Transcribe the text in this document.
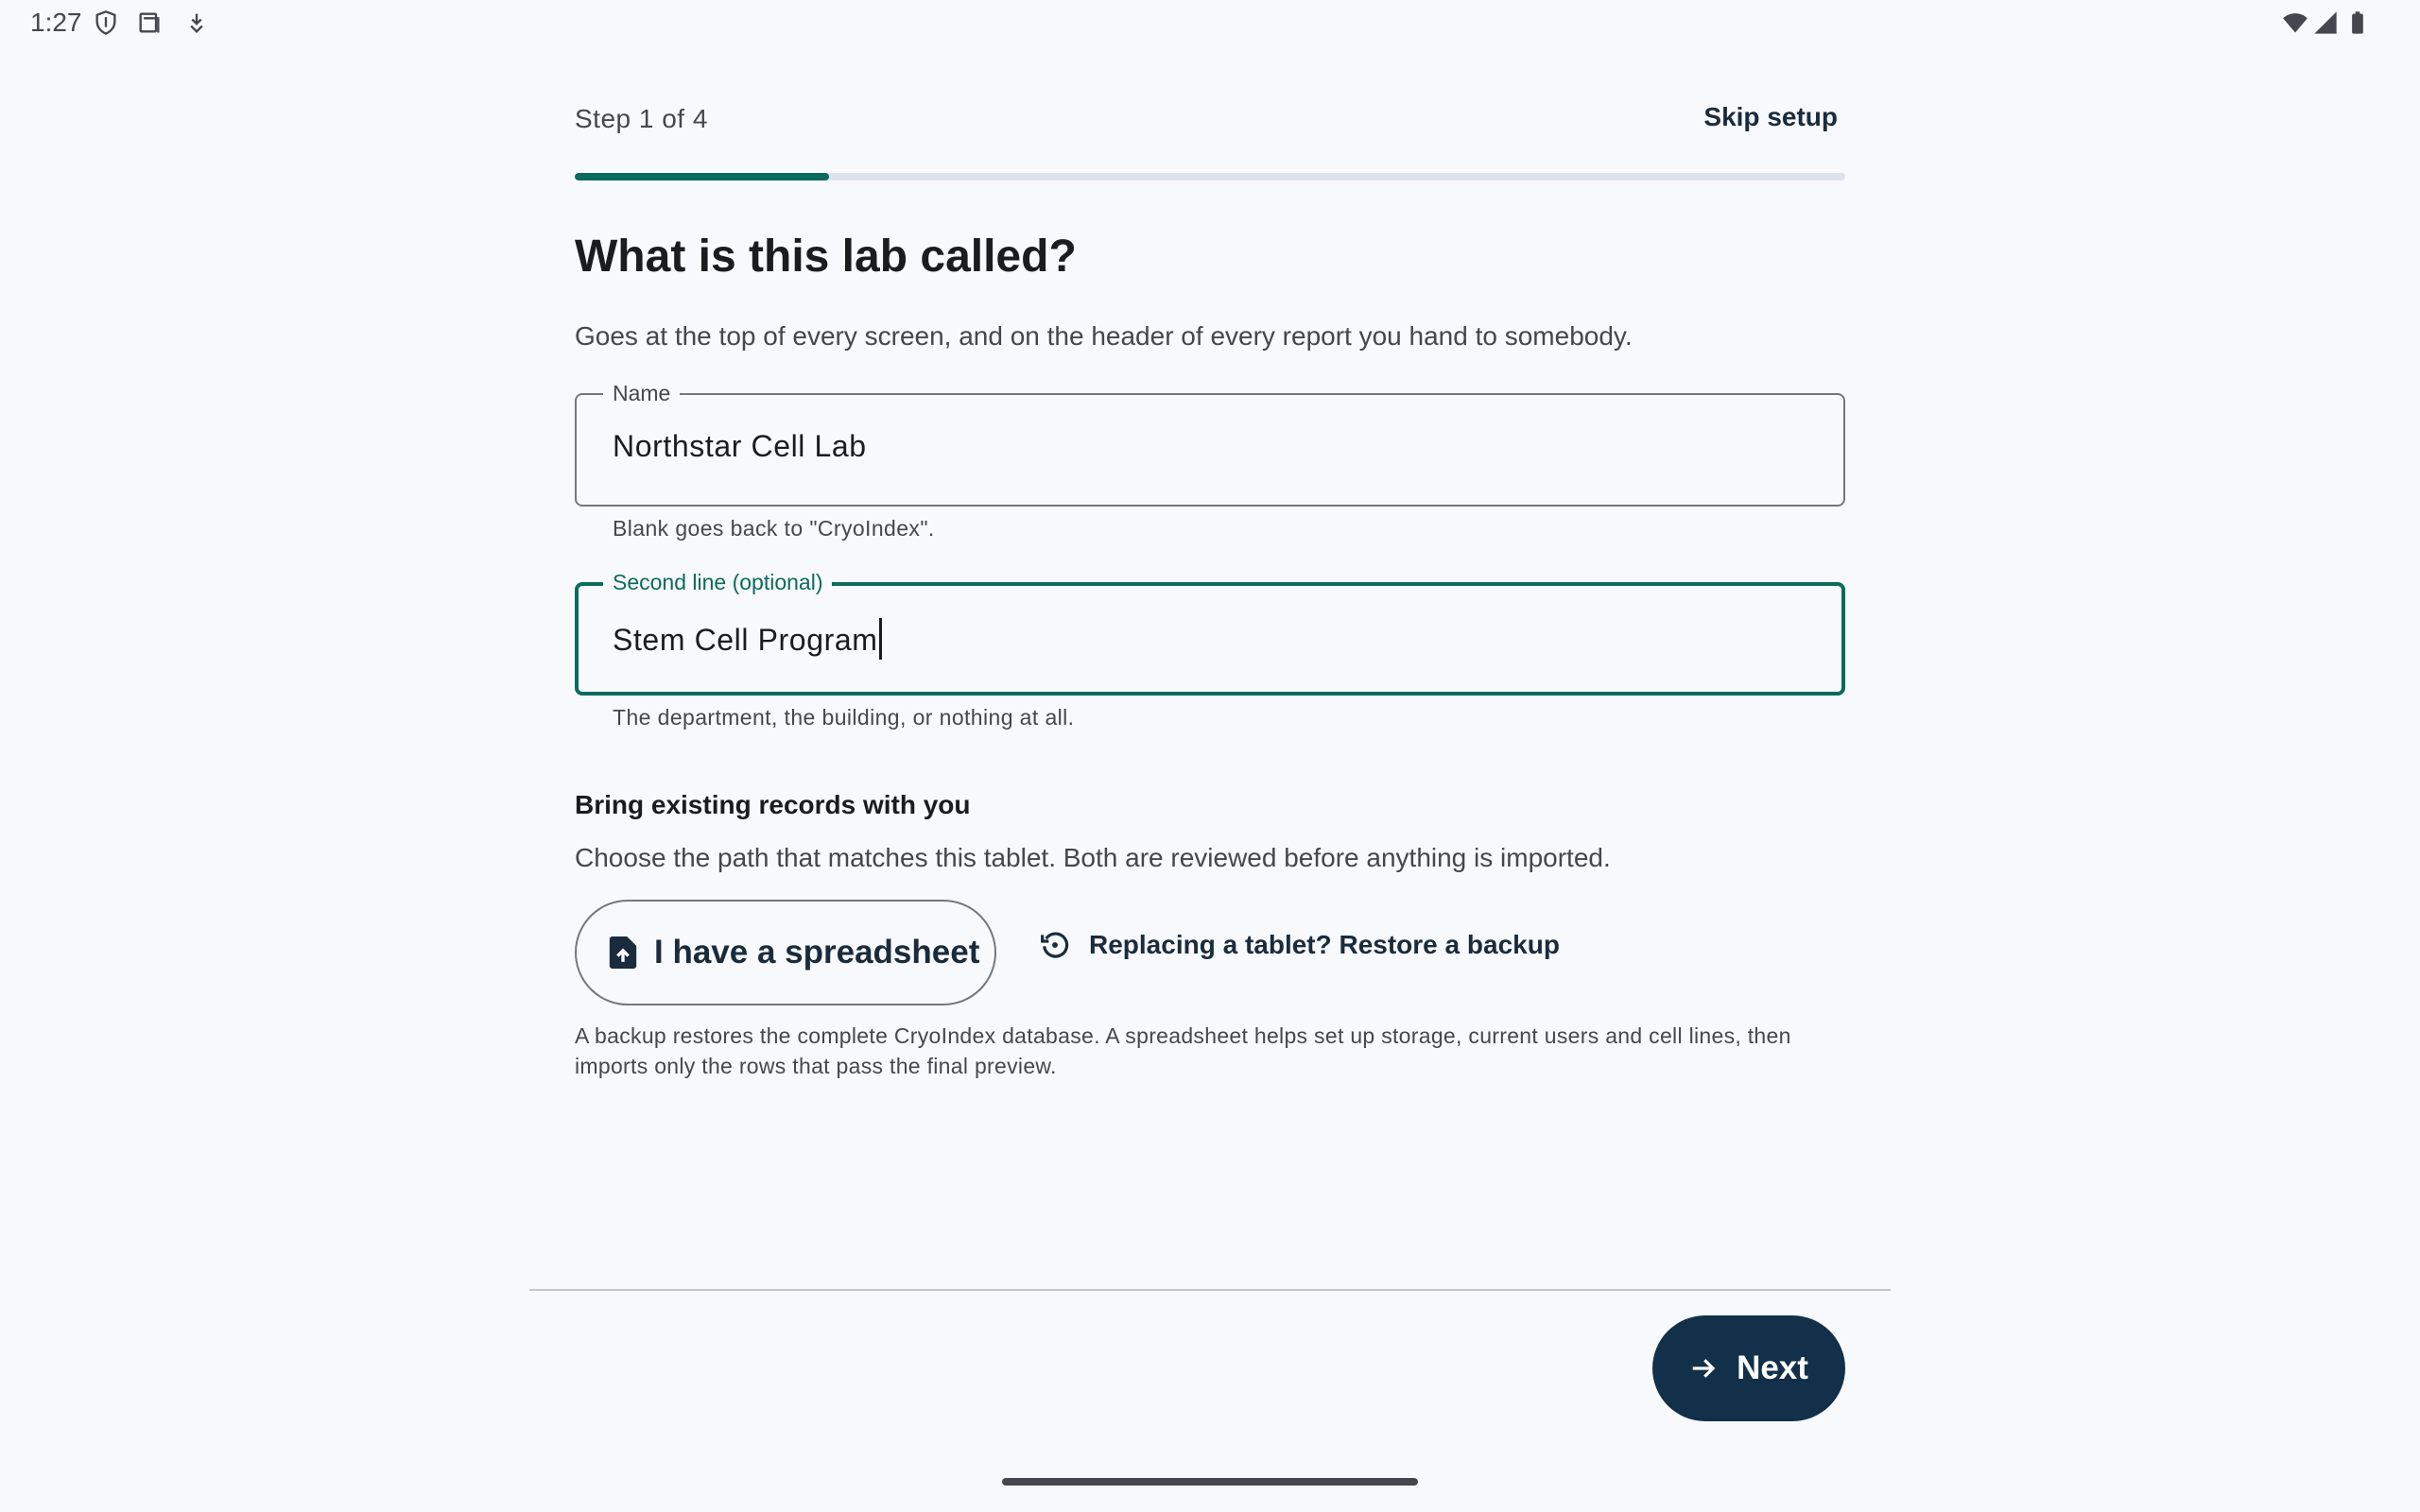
1:27
Step 1 of 4	Skip setup
What is this lab called?

Goes at the top of every screen, and on the header of every report you hand to somebody.

Name
Northstar Cell Lab
Blank goes back to "CryoIndex".
Second line (optional)
Stem Cell Program
The department, the building, or nothing at all.
Bring existing records with you

Choose the path that matches this tablet. Both are reviewed before anything is imported.

I have a spreadsheet	Replacing a tablet? Restore a backup

A backup restores the complete CryoIndex database. A spreadsheet helps set up storage, current users and cell lines, then imports only the rows that pass the final preview.

Next
